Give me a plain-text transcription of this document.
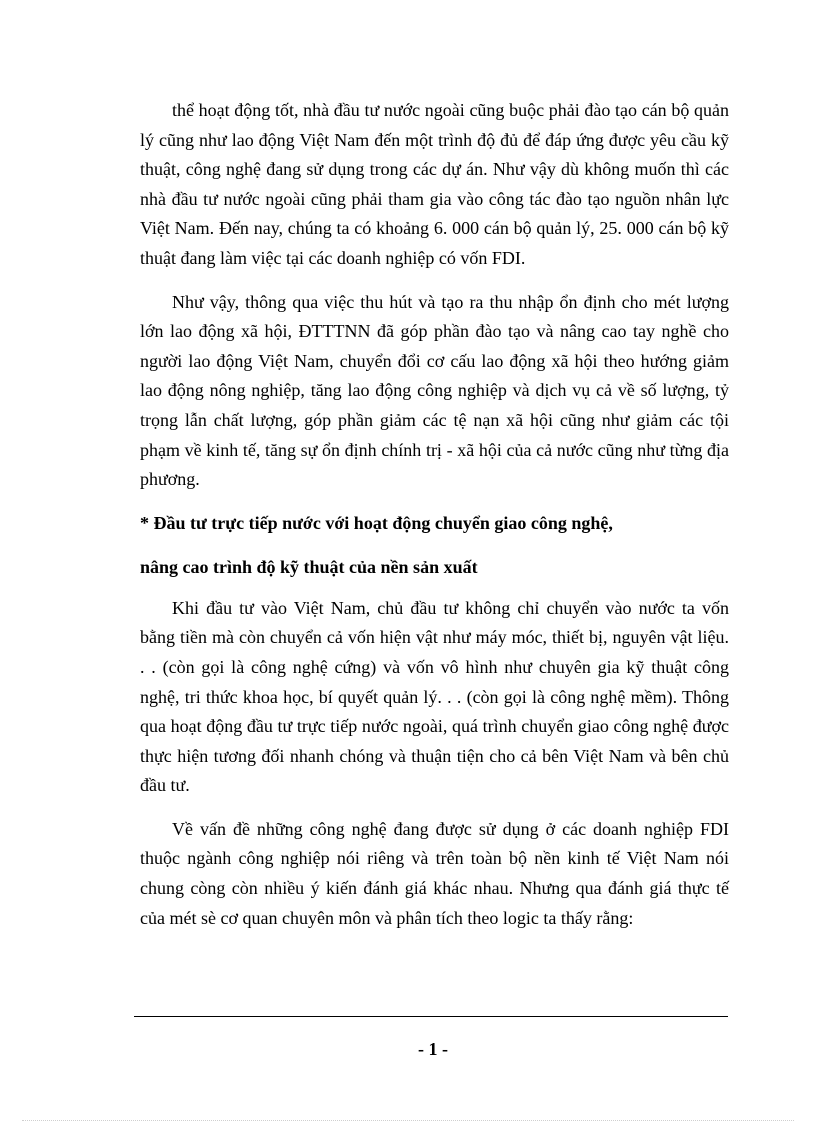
thể hoạt động tốt, nhà đầu tư nước ngoài cũng buộc phải đào tạo cán bộ quản lý cũng như lao động Việt Nam đến một trình độ đủ để đáp ứng được yêu cầu kỹ thuật, công nghệ đang sử dụng trong các dự án. Như vậy dù không muốn thì các nhà đầu tư nước ngoài cũng phải tham gia vào công tác đào tạo nguồn nhân lực Việt Nam. Đến nay, chúng ta có khoảng 6. 000 cán bộ quản lý, 25. 000 cán bộ kỹ thuật đang làm việc tại các doanh nghiệp có vốn FDI.

Như vậy, thông qua việc thu hút và tạo ra thu nhập ổn định cho mét lượng lớn lao động xã hội, ĐTTTNN đã góp phần đào tạo và nâng cao tay nghề cho người lao động Việt Nam, chuyển đổi cơ cấu lao động xã hội theo hướng giảm lao động nông nghiệp, tăng lao động công nghiệp và dịch vụ cả về số lượng, tỷ trọng lẫn chất lượng, góp phần giảm các tệ nạn xã hội cũng như giảm các tội phạm về kinh tế, tăng sự ổn định chính trị - xã hội của cả nước cũng như từng địa phương.

* Đầu tư trực tiếp nước với hoạt động chuyển giao công nghệ,

nâng cao trình độ kỹ thuật của nền sản xuất

Khi đầu tư vào Việt Nam, chủ đầu tư không chỉ chuyển vào nước ta vốn bằng tiền mà còn chuyển cả vốn hiện vật như máy móc, thiết bị, nguyên vật liệu. . . (còn gọi là công nghệ cứng) và vốn vô hình như chuyên gia kỹ thuật công nghệ, tri thức khoa học, bí quyết quản lý. . . (còn gọi là công nghệ mềm). Thông qua hoạt động đầu tư trực tiếp nước ngoài, quá trình chuyển giao công nghệ được thực hiện tương đối nhanh chóng và thuận tiện cho cả bên Việt Nam và bên chủ đầu tư.

Về vấn đề những công nghệ đang được sử dụng ở các doanh nghiệp FDI thuộc ngành công nghiệp nói riêng và trên toàn bộ nền kinh tế Việt Nam nói chung còng còn nhiều ý kiến đánh giá khác nhau. Nhưng qua đánh giá thực tế của mét sè cơ quan chuyên môn và phân tích theo logic ta thấy rằng:

- 1 -
